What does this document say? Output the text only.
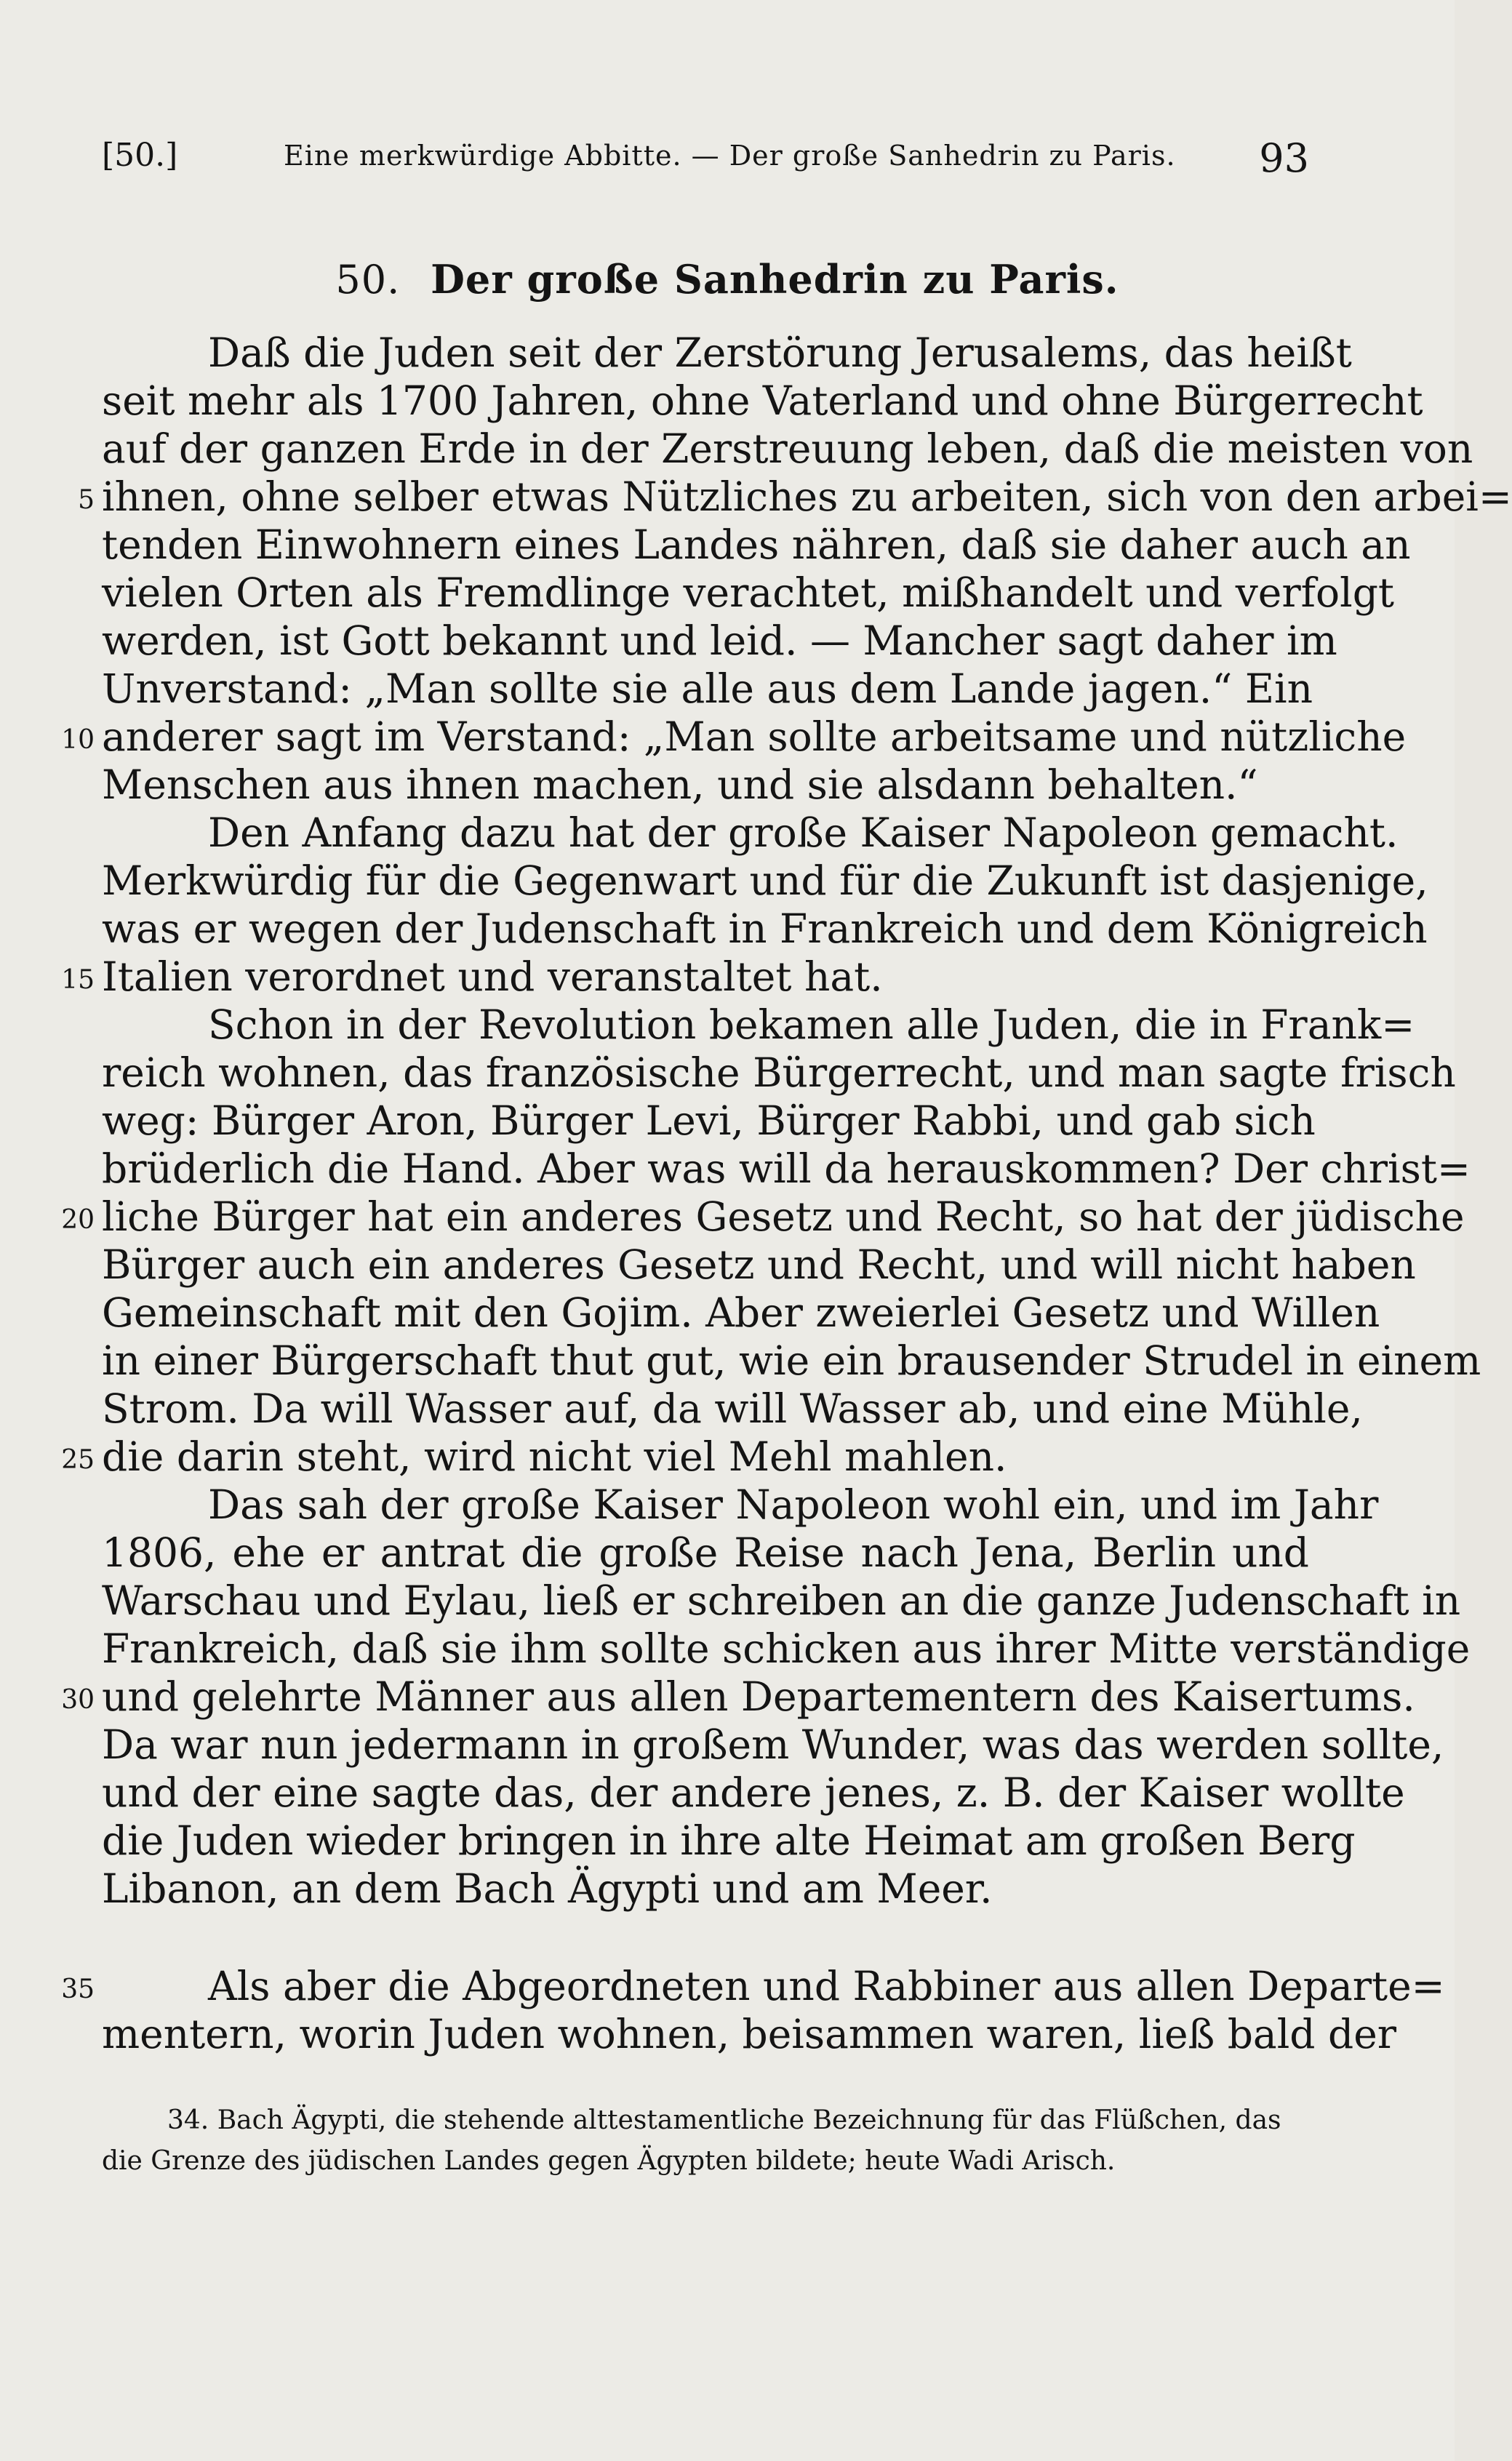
[50.]	Eine merkwürdige Abbitte. — Der große Sanhedrin zu Paris. 93
50. Der große Sanhedrin zu Paris.
Daß die Juden seit der Zerstörung Jerusalems, das heißt
seit mehr als 1700 Jahren, ohne Vaterland und ohne Bürgerrecht
auf der ganzen Erde in der Zerstreuung leben, daß die meisten von
ihnen, ohne selber etwas Nützliches zu arbeiten, sich von den arbei=
tenden Einwohnern eines Landes nähren, daß sie daher auch an
vielen Orten als Fremdlinge verachtet, mißhandelt und verfolgt
werden, ist Gott bekannt und leid. — Mancher sagt daher im
Unverstand: „Man sollte sie alle aus dem Lande jagen.“ Ein
anderer sagt im Verstand: „Man sollte arbeitsame und nützliche
Menschen aus ihnen machen, und sie alsdann behalten.“
Den Anfang dazu hat der große Kaiser Napoleon gemacht.
Merkwürdig für die Gegenwart und für die Zukunft ist dasjenige,
was er wegen der Judenschaft in Frankreich und dem Königreich
Italien verordnet und veranstaltet hat.
Schon in der Revolution bekamen alle Juden, die in Frank=
reich wohnen, das französische Bürgerrecht, und man sagte frisch
weg: Bürger Aron, Bürger Levi, Bürger Rabbi, und gab sich
brüderlich die Hand. Aber was will da herauskommen? Der christ=
liche Bürger hat ein anderes Gesetz und Recht, so hat der jüdische
Bürger auch ein anderes Gesetz und Recht, und will nicht haben
Gemeinschaft mit den Gojim. Aber zweierlei Gesetz und Willen
in einer Bürgerschaft thut gut, wie ein brausender Strudel in einem
Strom. Da will Wasser auf, da will Wasser ab, und eine Mühle,
die darin steht, wird nicht viel Mehl mahlen.
Das sah der große Kaiser Napoleon wohl ein, und im Jahr
1806, ehe er antrat die große Reise nach Jena, Berlin und
Warschau und Eylau, ließ er schreiben an die ganze Judenschaft in
Frankreich, daß sie ihm sollte schicken aus ihrer Mitte verständige
und gelehrte Männer aus allen Departementern des Kaisertums.
Da war nun jedermann in großem Wunder, was das werden sollte,
und der eine sagte das, der andere jenes, z. B. der Kaiser wollte
die Juden wieder bringen in ihre alte Heimat am großen Berg
Libanon, an dem Bach Ägypti und am Meer.
Als aber die Abgeordneten und Rabbiner aus allen Departe=
mentern, worin Juden wohnen, beisammen waren, ließ bald der
5
10
15
20
25
30
35
34. Bach Ägypti, die stehende alttestamentliche Bezeichnung für das Flüßchen, das
die Grenze des jüdischen Landes gegen Ägypten bildete; heute Wadi Arisch.
